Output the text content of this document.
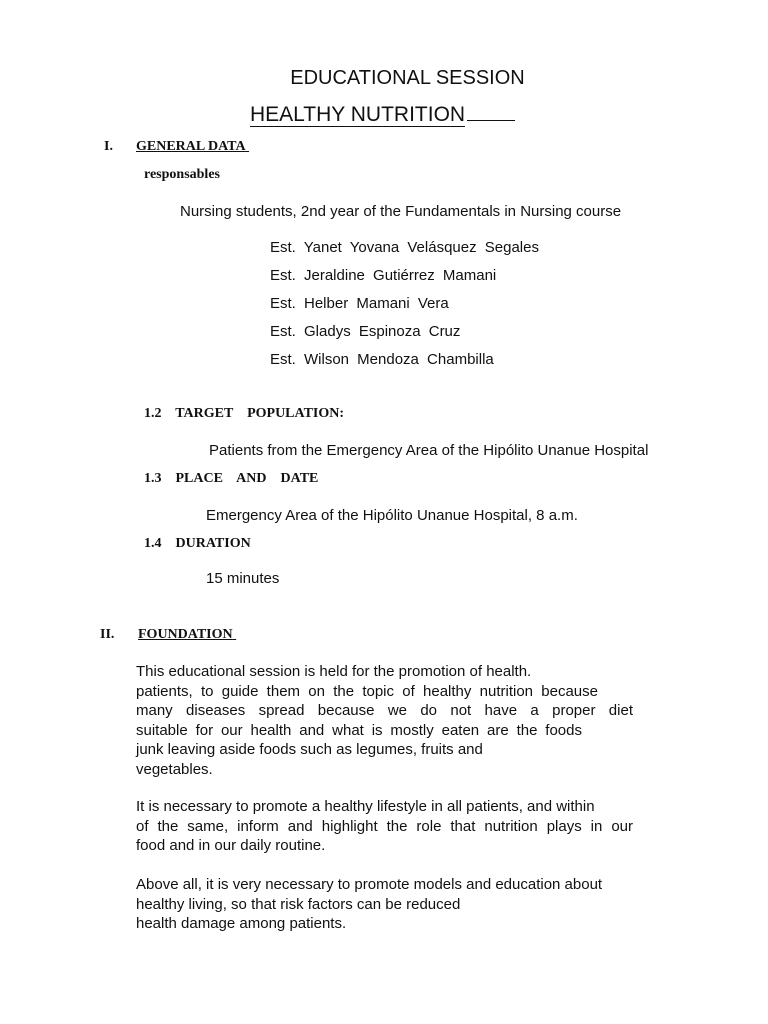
EDUCATIONAL SESSION
HEALTHY NUTRITION
I. GENERAL DATA
responsables
Nursing students, 2nd year of the Fundamentals in Nursing course
Est. Yanet Yovana Velásquez Segales
Est. Jeraldine Gutiérrez Mamani
Est. Helber Mamani Vera
Est. Gladys Espinoza Cruz
Est. Wilson Mendoza Chambilla
1.2    TARGET    POPULATION:
Patients from the Emergency Area of the Hipólito Unanue Hospital
1.3    PLACE    AND    DATE
Emergency Area of the Hipólito Unanue Hospital, 8 a.m.
1.4    DURATION
15 minutes
II. FOUNDATION
This educational session is held for the promotion of health.
patients, to guide them on the topic of healthy nutrition because
many diseases spread because we do not have a proper diet
suitable for our health and what is mostly eaten are the foods
junk leaving aside foods such as legumes, fruits and
vegetables.
It is necessary to promote a healthy lifestyle in all patients, and within
of the same, inform and highlight the role that nutrition plays in our
food and in our daily routine.
Above all, it is very necessary to promote models and education about
healthy living, so that risk factors can be reduced
health damage among patients.
